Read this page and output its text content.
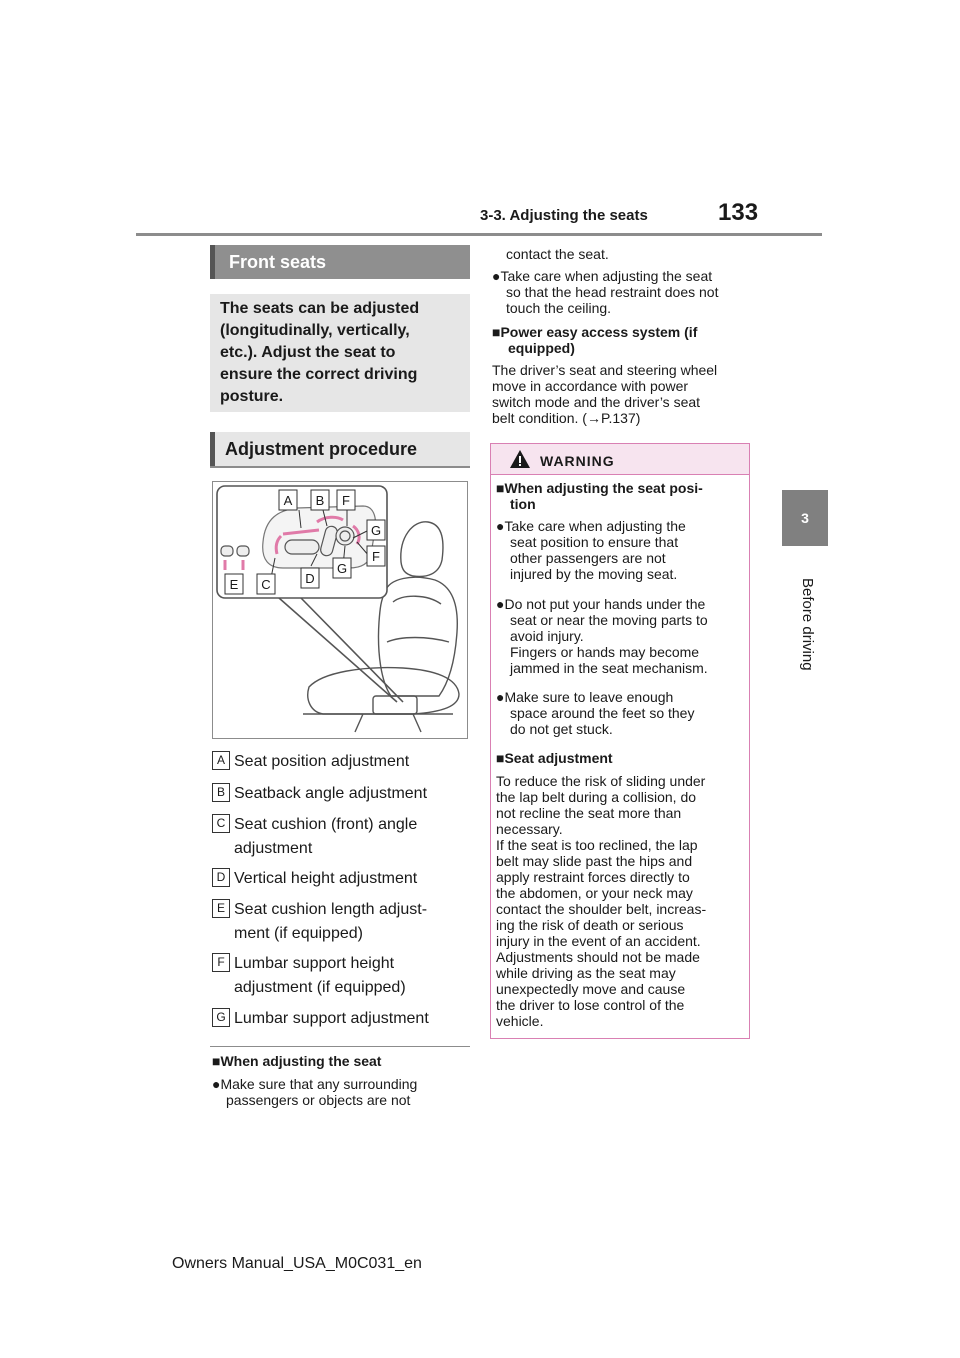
3-3. Adjusting the seats	133
3
Before driving
Front seats
The seats can be adjusted
(longitudinally, vertically,
etc.). Adjust the seat to
ensure the correct driving
posture.
Adjustment procedure
A B F
G
F
G
D
E C
A Seat position adjustment
B Seatback angle adjustment
C Seat cushion (front) angle
adjustment
D Vertical height adjustment
E Seat cushion length adjust-
ment (if equipped)
F Lumbar support height
adjustment (if equipped)
G Lumbar support adjustment
■When adjusting the seat
●Make sure that any surrounding
passengers or objects are not
contact the seat.
●Take care when adjusting the seat
so that the head restraint does not
touch the ceiling.
■Power easy access system (if
equipped)
The driver’s seat and steering wheel
move in accordance with power
switch mode and the driver’s seat
belt condition. (→P.137)
WARNING
■When adjusting the seat posi-
tion
●Take care when adjusting the
seat position to ensure that
other passengers are not
injured by the moving seat.
●Do not put your hands under the
seat or near the moving parts to
avoid injury.
Fingers or hands may become
jammed in the seat mechanism.
●Make sure to leave enough
space around the feet so they
do not get stuck.
■Seat adjustment
To reduce the risk of sliding under
the lap belt during a collision, do
not recline the seat more than
necessary.
If the seat is too reclined, the lap
belt may slide past the hips and
apply restraint forces directly to
the abdomen, or your neck may
contact the shoulder belt, increas-
ing the risk of death or serious
injury in the event of an accident.
Adjustments should not be made
while driving as the seat may
unexpectedly move and cause
the driver to lose control of the
vehicle.
Owners Manual_USA_M0C031_en
